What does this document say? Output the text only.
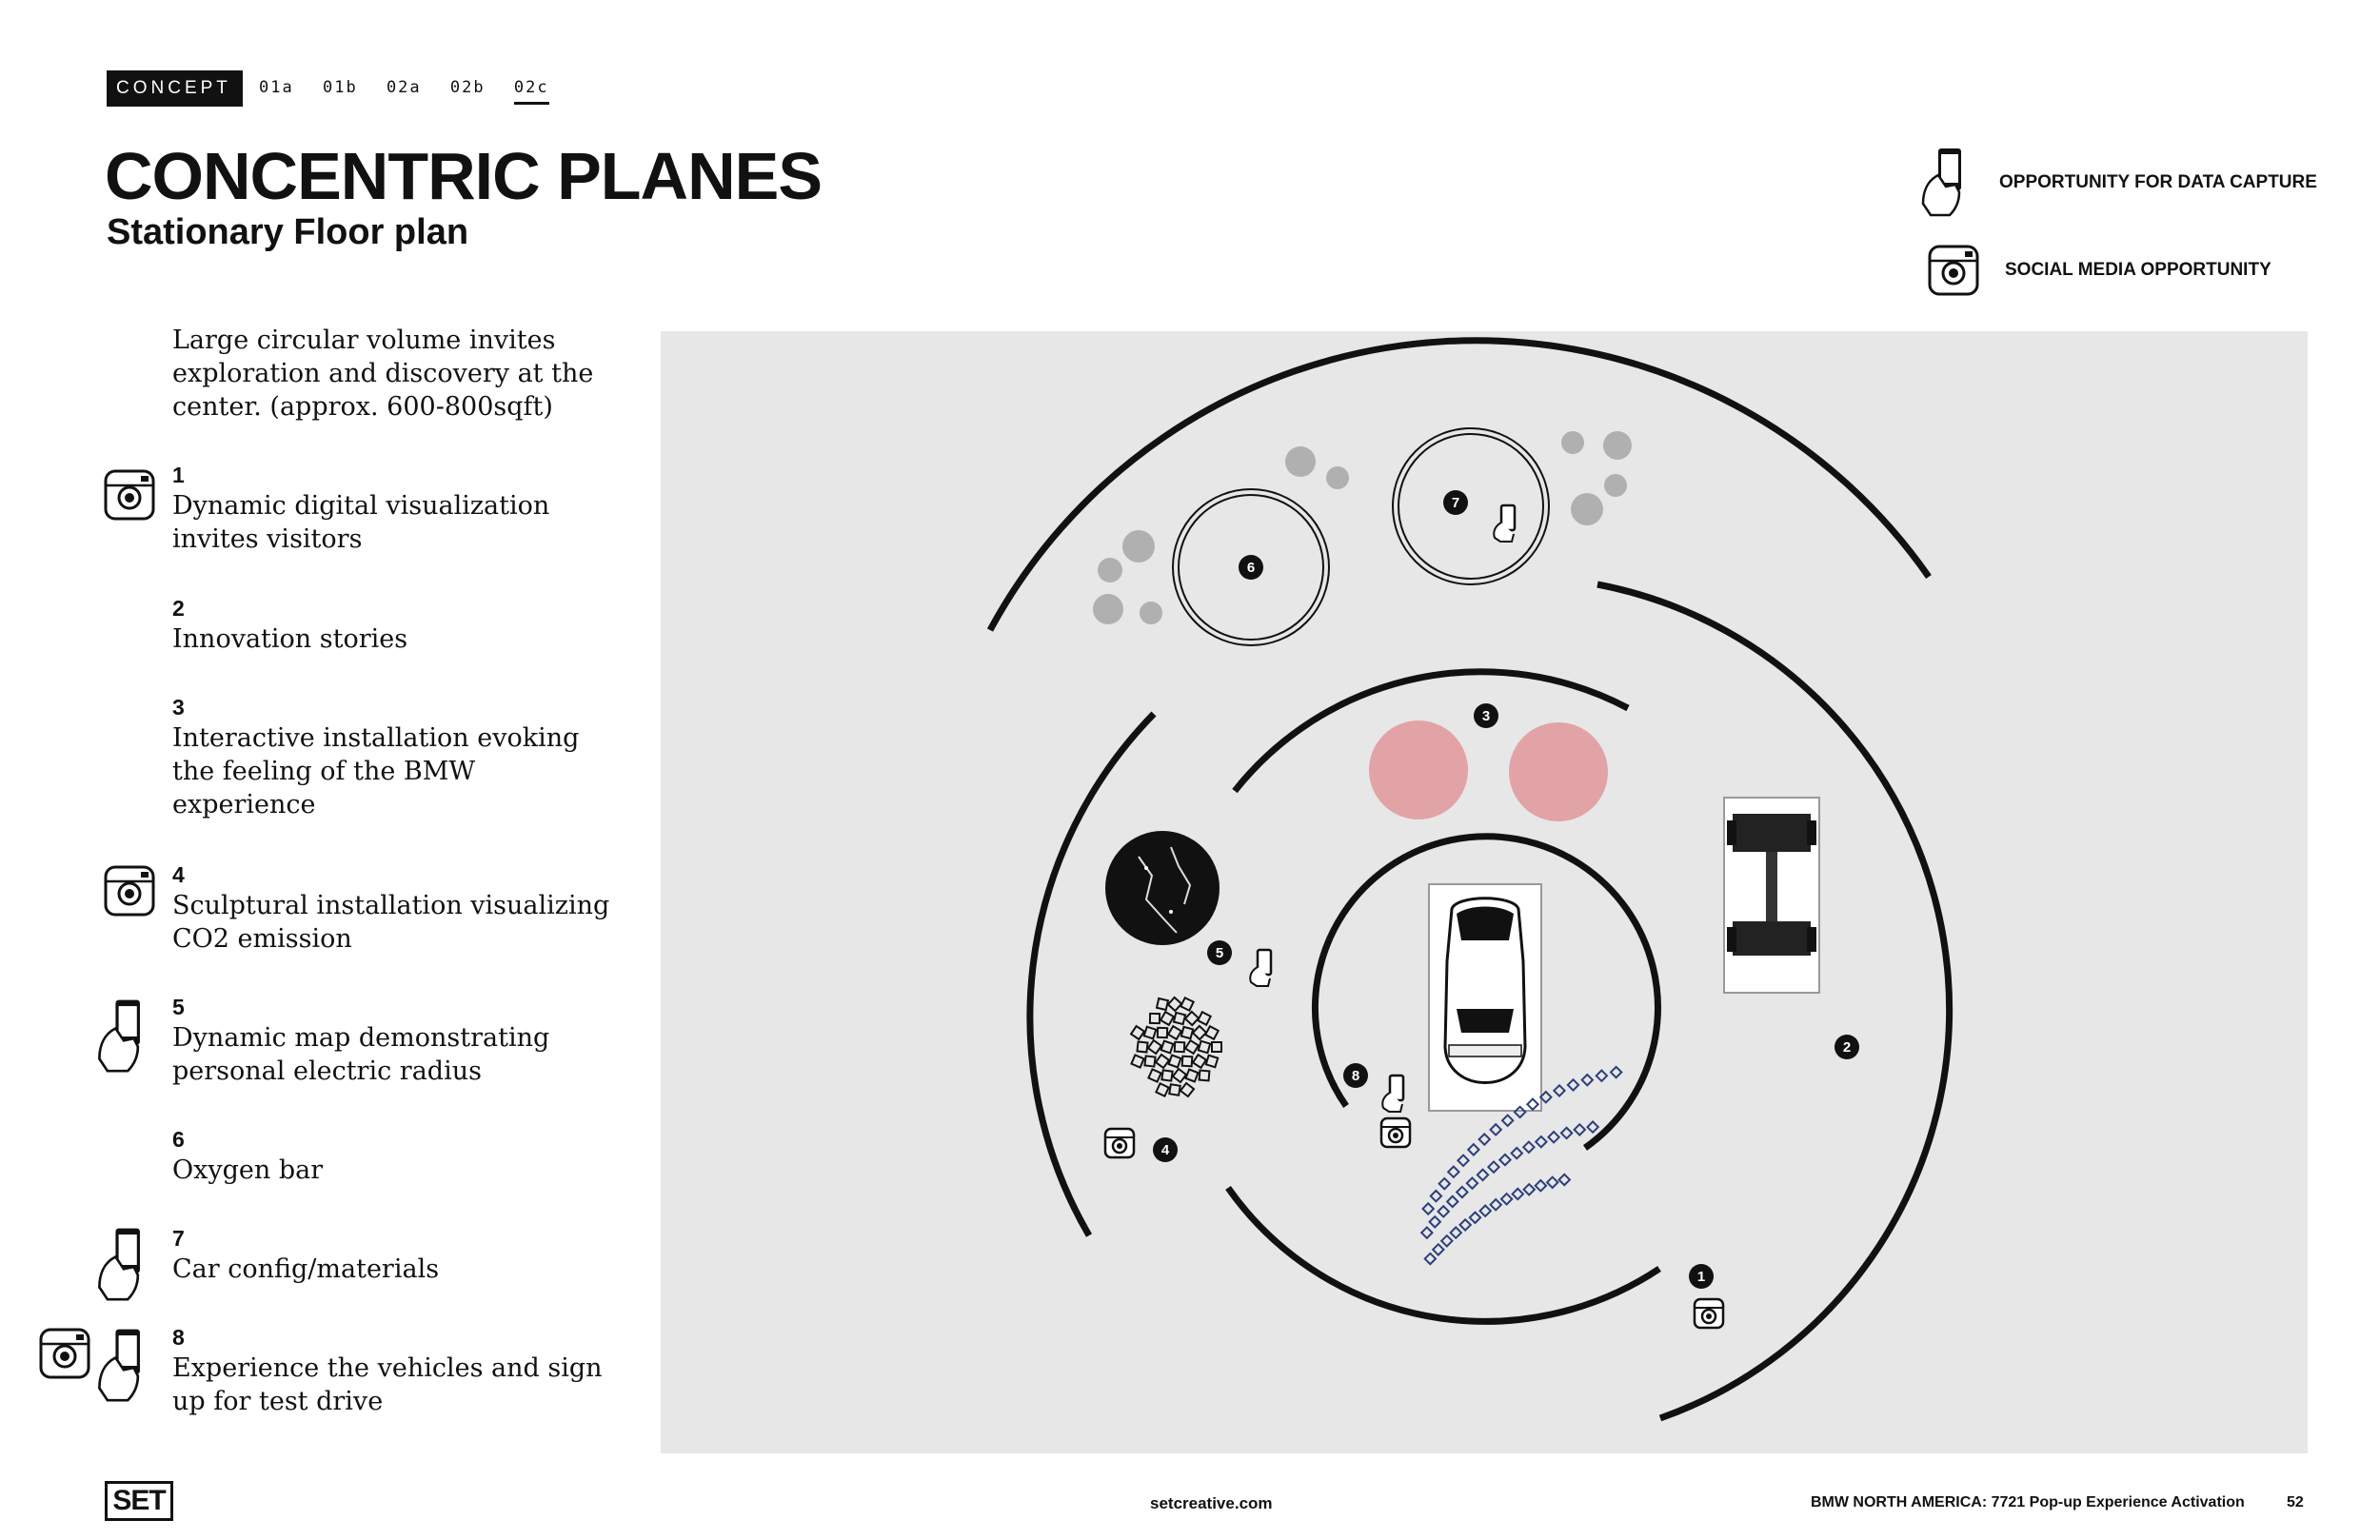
CONCEPT	01a 01b 02a 02b 02c
CONCENTRIC PLANES
Stationary Floor plan
OPPORTUNITY FOR DATA CAPTURE
SOCIAL MEDIA OPPORTUNITY
Large circular volume invites exploration and discovery at the center. (approx. 600-800sqft)
1
Dynamic digital visualization invites visitors
2
Innovation stories
3
Interactive installation evoking the feeling of the BMW experience
4
Sculptural installation visualizing CO2 emission
5
Dynamic map demonstrating personal electric radius
6
Oxygen bar
7
Car config/materials
8
Experience the vehicles and sign up for test drive
1
2
3
4
5
6
7
8
SET	setcreative.com	BMW NORTH AMERICA: 7721 Pop-up Experience Activation	52
